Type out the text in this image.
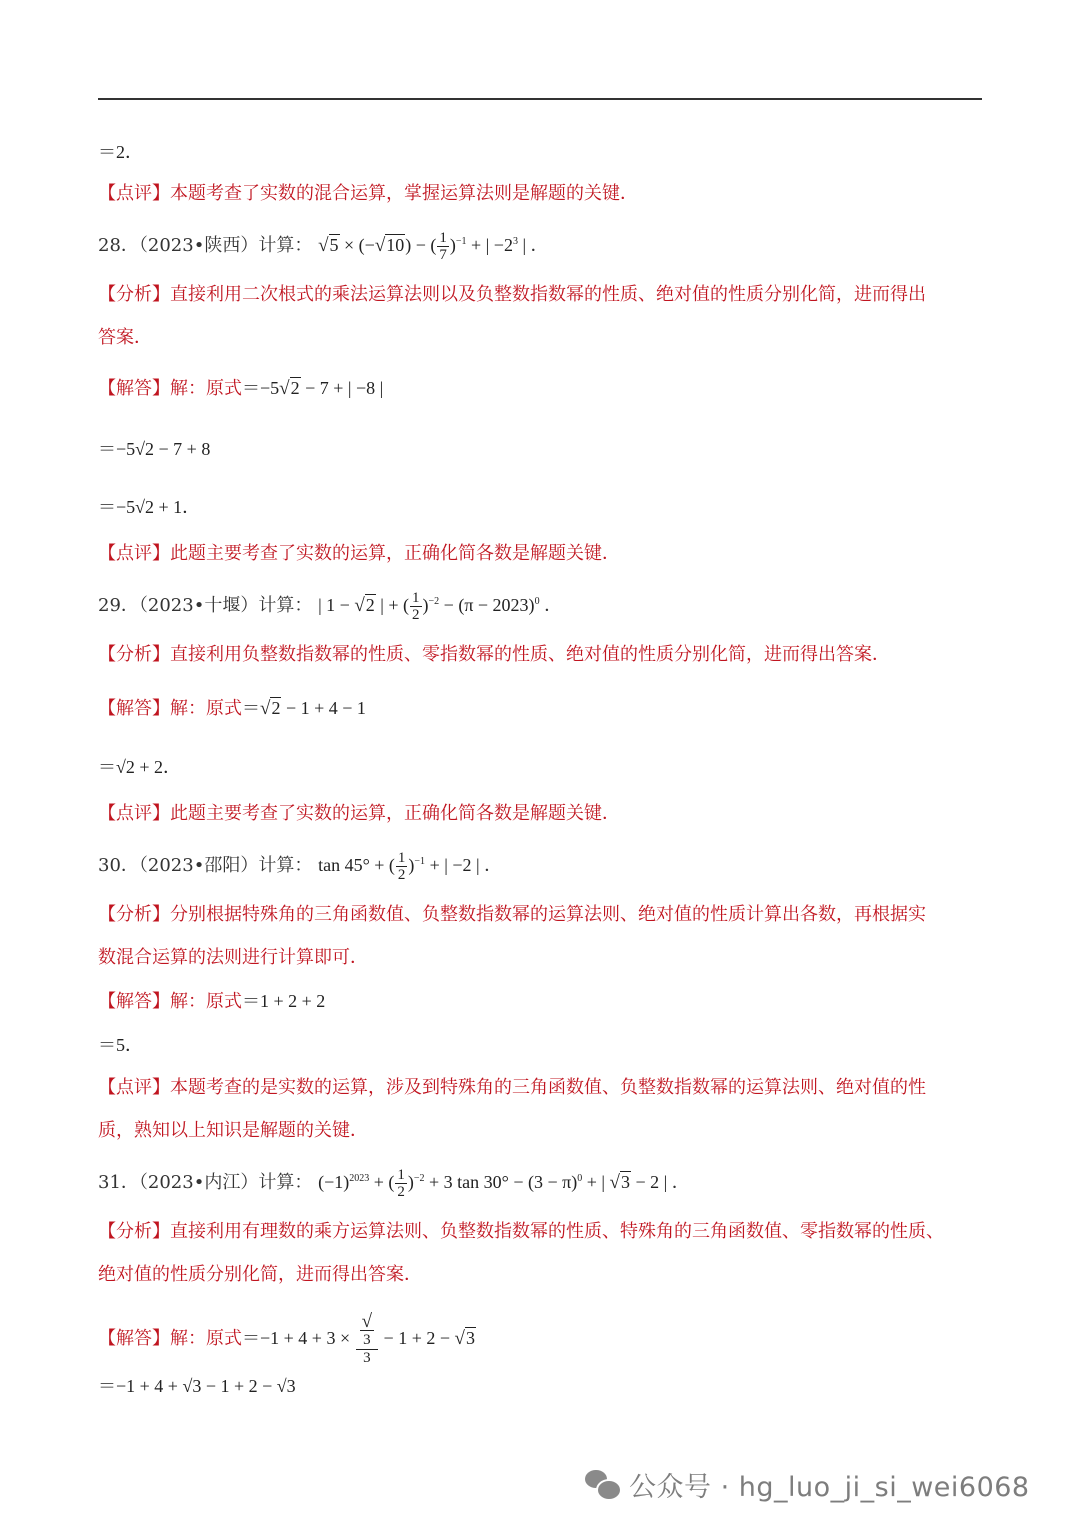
＝2．
【点评】本题考查了实数的混合运算，掌握运算法则是解题的关键．
28．（2023•陕西）计算： √5 × (−√10) − ( $\frac{1}{7} )^{-1}$ + | $-2^3$ | ．
【分析】直接利用二次根式的乘法运算法则以及负整数指数幂的性质、绝对值的性质分别化简，进而得出
答案．
【解答】解：原式＝−5√2 − 7 + | −8 |
＝−5√2 − 7 + 8
＝−5√2 + 1．
【点评】此题主要考查了实数的运算，正确化简各数是解题关键．
29．（2023•十堰）计算： | 1 − √2 | + ( $\frac{1}{2} )^{-2} - (\pi - 2023)^0$ ．
【分析】直接利用负整数指数幂的性质、零指数幂的性质、绝对值的性质分别化简，进而得出答案．
【解答】解：原式＝√2 − 1 + 4 − 1
＝√2 + 2．
【点评】此题主要考查了实数的运算，正确化简各数是解题关键．
30．（2023•邵阳）计算： tan 45° + ( $\frac{1}{2} )^{-1}$ + | −2 | ．
【分析】分别根据特殊角的三角函数值、负整数指数幂的运算法则、绝对值的性质计算出各数，再根据实
数混合运算的法则进行计算即可．
【解答】解：原式＝1 + 2 + 2
＝5．
【点评】本题考查的是实数的运算，涉及到特殊角的三角函数值、负整数指数幂的运算法则、绝对值的性
质，熟知以上知识是解题的关键．
31．（2023•内江）计算： $(-1)^{2023}$ + ( $\frac{1}{2} )^{-2} + 3$ $\tan 30^\circ - (3 - \pi)^0$ + | √3 − 2 | ．
【分析】直接利用有理数的乘方运算法则、负整数指数幂的性质、特殊角的三角函数值、零指数幂的性质、
绝对值的性质分别化简，进而得出答案．
【解答】解：原式＝−1 + 4 + 3 × √
3
3 − 1 + 2 − √3
＝−1 + 4 + √3 − 1 + 2 − √3
公众号 · hg_luo_ji_si_wei6068
